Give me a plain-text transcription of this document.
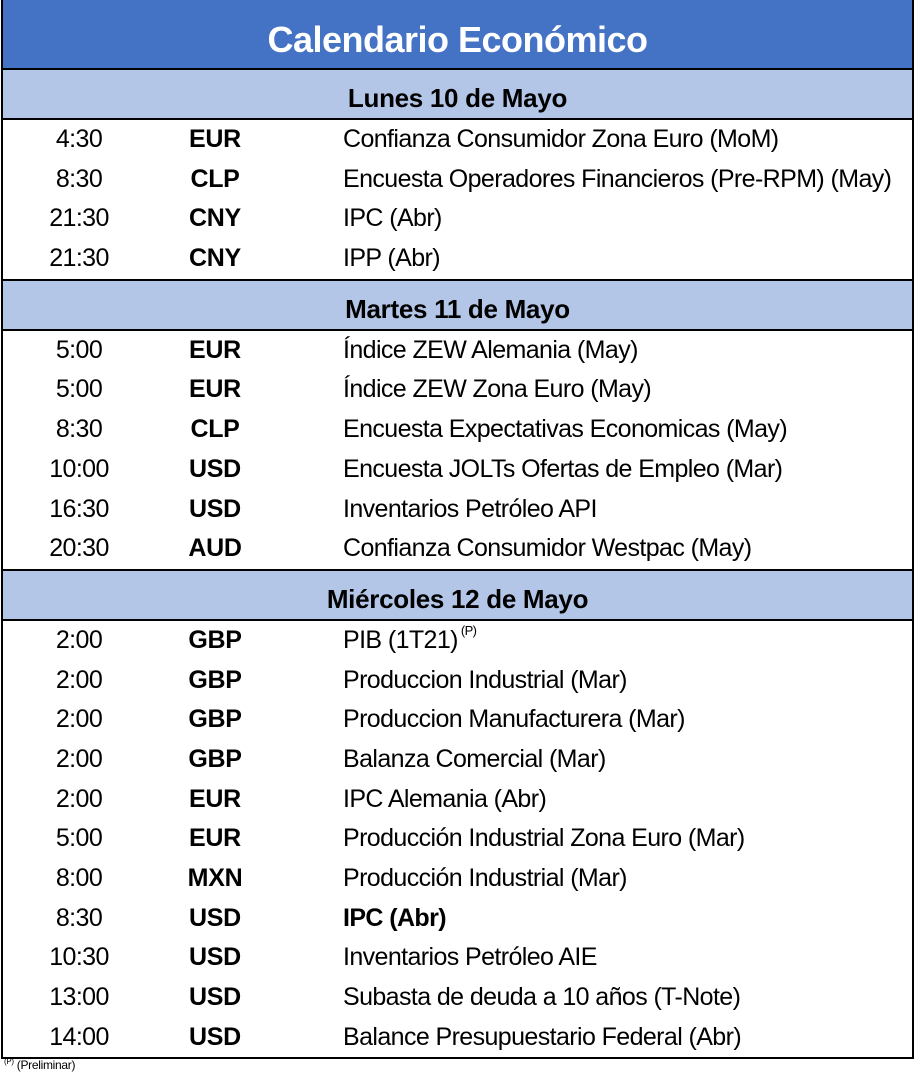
Calendario Económico
Lunes 10 de Mayo
4:30	EUR	Confianza Consumidor Zona Euro (MoM)
8:30	CLP	Encuesta Operadores Financieros (Pre-RPM) (May)
21:30	CNY	IPC (Abr)
21:30	CNY	IPP (Abr)
Martes 11 de Mayo
5:00	EUR	Índice ZEW Alemania (May)
5:00	EUR	Índice ZEW Zona Euro (May)
8:30	CLP	Encuesta Expectativas Economicas (May)
10:00	USD	Encuesta JOLTs Ofertas de Empleo (Mar)
16:30	USD	Inventarios Petróleo API
20:30	AUD	Confianza Consumidor Westpac (May)
Miércoles 12 de Mayo
2:00	GBP	PIB (1T21) $^{(P)}$
2:00	GBP	Produccion Industrial (Mar)
2:00	GBP	Produccion Manufacturera (Mar)
2:00	GBP	Balanza Comercial (Mar)
2:00	EUR	IPC Alemania (Abr)
5:00	EUR	Producción Industrial Zona Euro (Mar)
8:00	MXN	Producción Industrial (Mar)
8:30	USD	IPC (Abr)
10:30	USD	Inventarios Petróleo AIE
13:00	USD	Subasta de deuda a 10 años (T-Note)
14:00	USD	Balance Presupuestario Federal (Abr)
$^{(P)}$ (Preliminar)
